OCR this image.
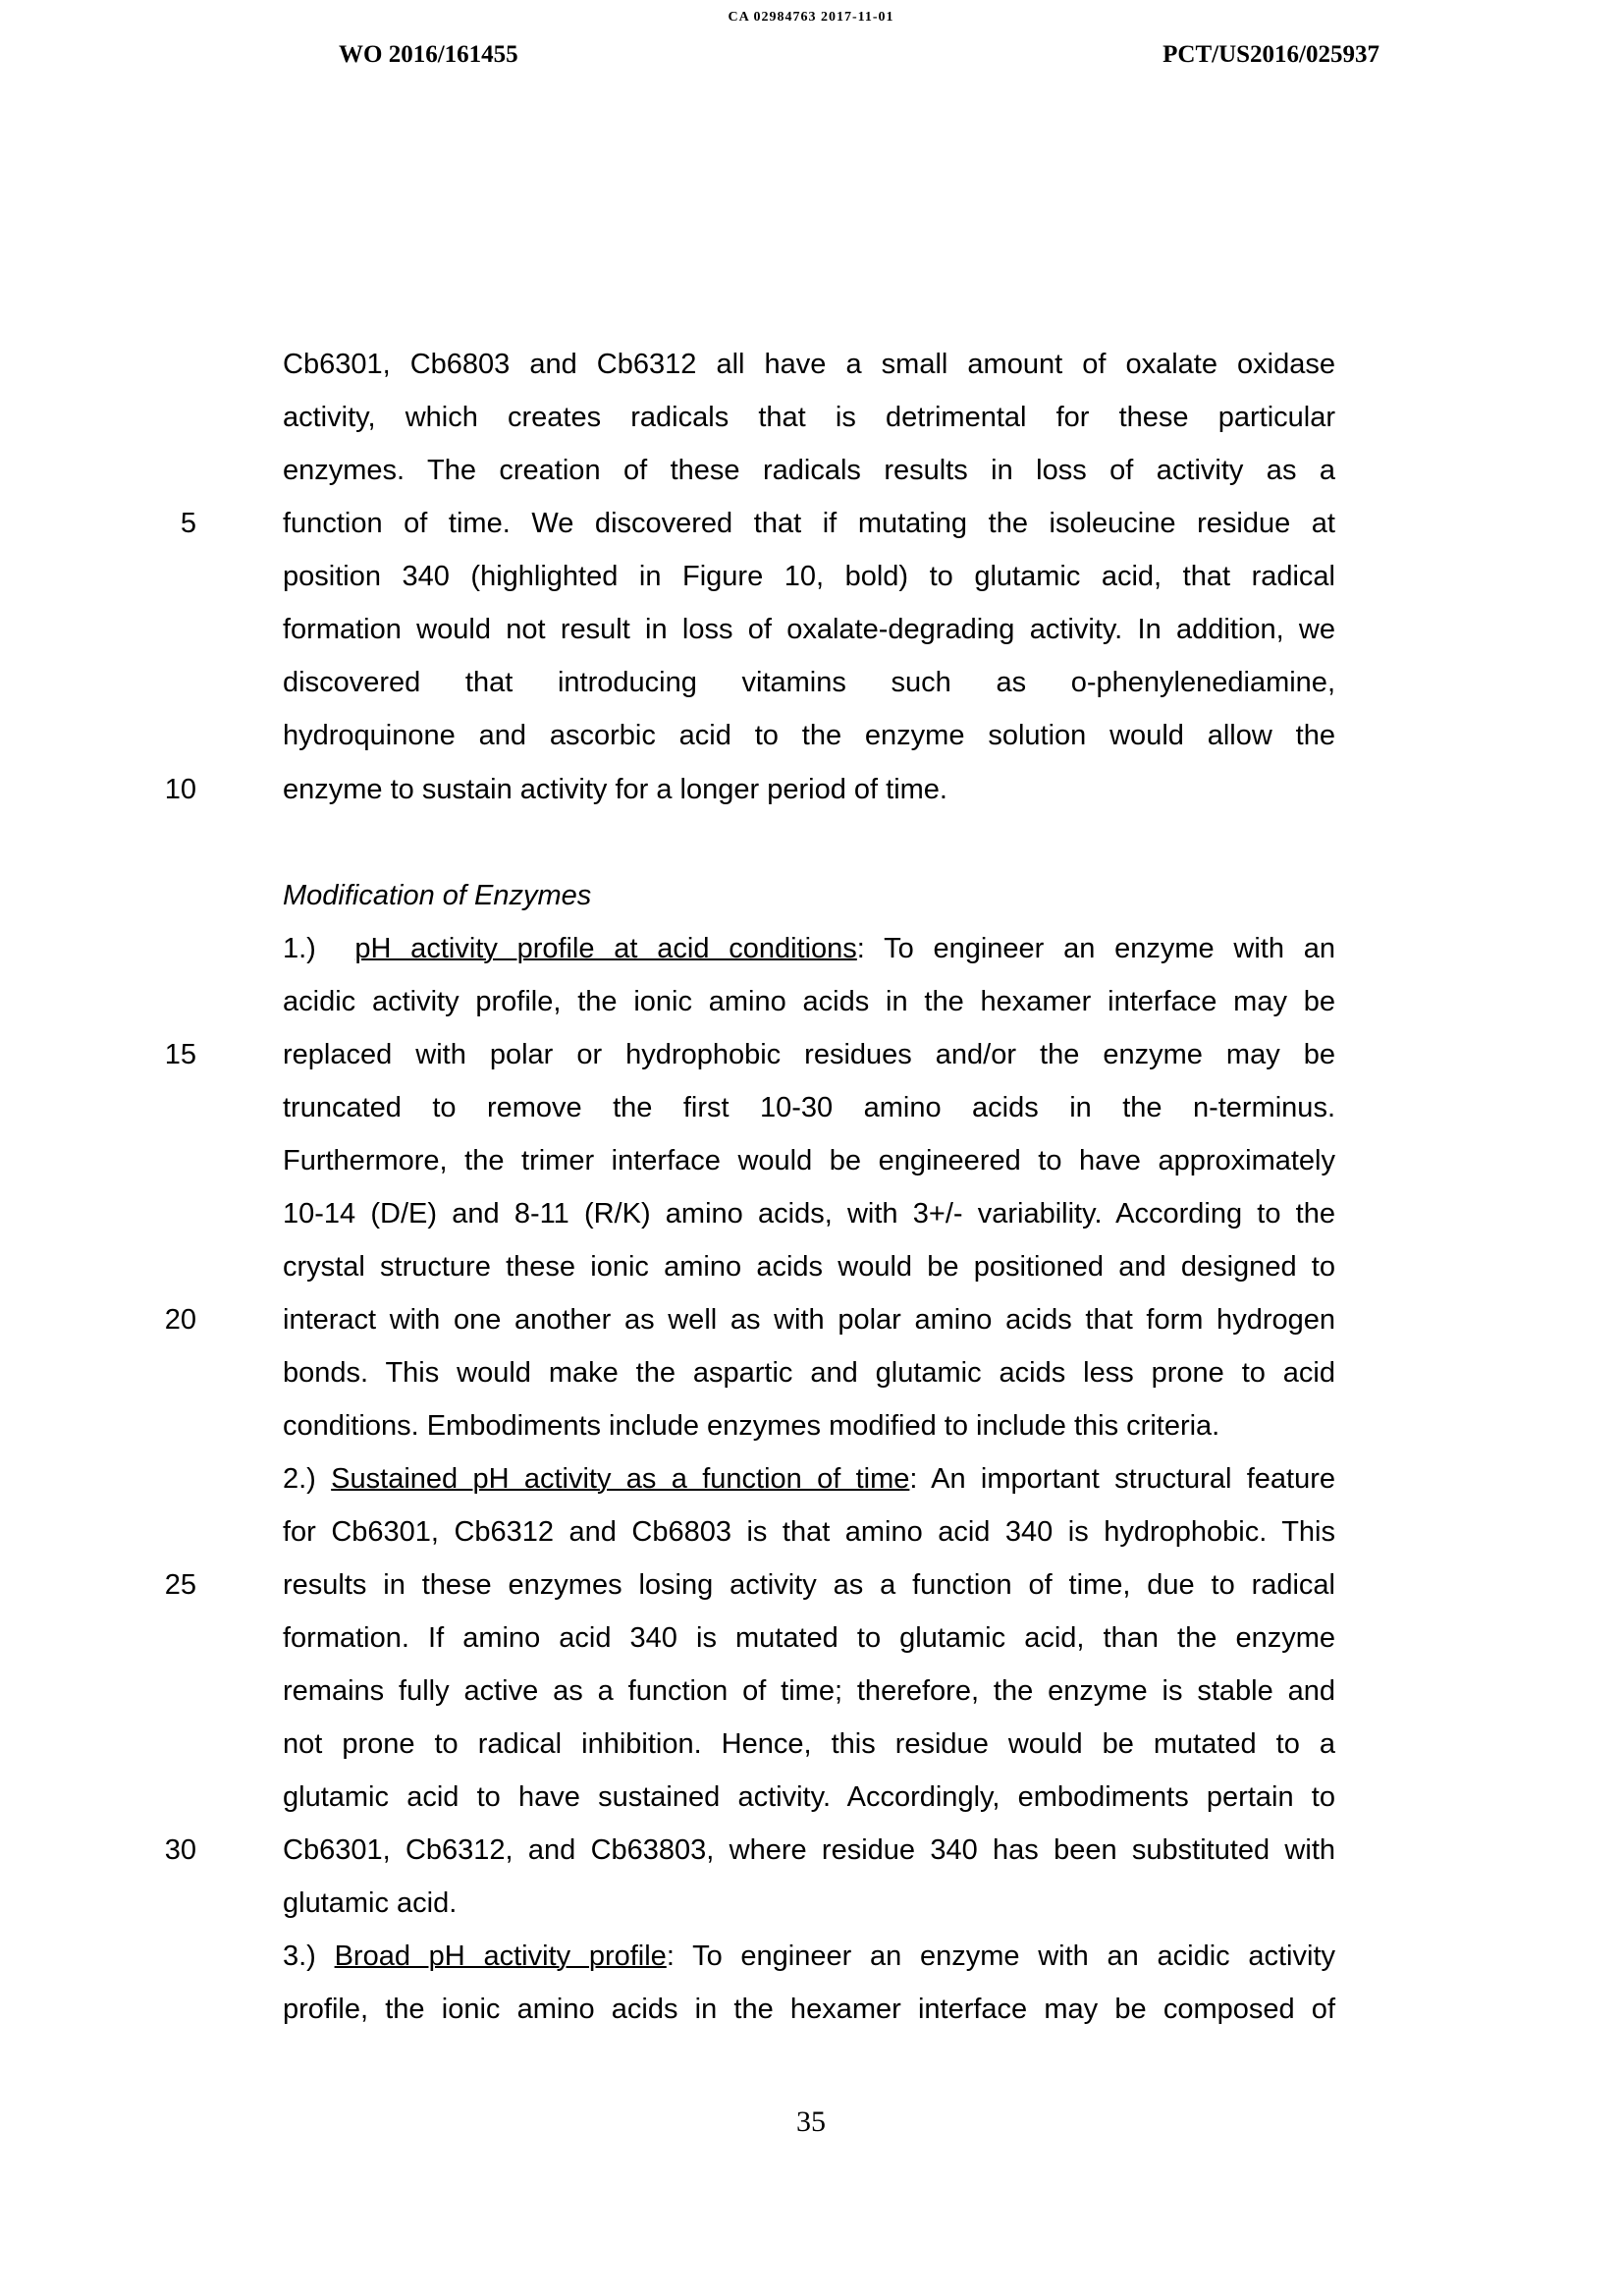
CA 02984763 2017-11-01
WO 2016/161455	PCT/US2016/025937
Cb6301, Cb6803 and Cb6312 all have a small amount of oxalate oxidase
activity, which creates radicals that is detrimental for these particular
enzymes. The creation of these radicals results in loss of activity as a
function of time. We discovered that if mutating the isoleucine residue at
position 340 (highlighted in Figure 10, bold) to glutamic acid, that radical
formation would not result in loss of oxalate-degrading activity. In addition, we
discovered that introducing vitamins such as o-phenylenediamine,
hydroquinone and ascorbic acid to the enzyme solution would allow the
enzyme to sustain activity for a longer period of time.
Modification of Enzymes
1.) pH activity profile at acid conditions: To engineer an enzyme with an
acidic activity profile, the ionic amino acids in the hexamer interface may be
replaced with polar or hydrophobic residues and/or the enzyme may be
truncated to remove the first 10-30 amino acids in the n-terminus.
Furthermore, the trimer interface would be engineered to have approximately
10-14 (D/E) and 8-11 (R/K) amino acids, with 3+/- variability. According to the
crystal structure these ionic amino acids would be positioned and designed to
interact with one another as well as with polar amino acids that form hydrogen
bonds. This would make the aspartic and glutamic acids less prone to acid
conditions. Embodiments include enzymes modified to include this criteria.
2.) Sustained pH activity as a function of time: An important structural feature
for Cb6301, Cb6312 and Cb6803 is that amino acid 340 is hydrophobic. This
results in these enzymes losing activity as a function of time, due to radical
formation. If amino acid 340 is mutated to glutamic acid, than the enzyme
remains fully active as a function of time; therefore, the enzyme is stable and
not prone to radical inhibition. Hence, this residue would be mutated to a
glutamic acid to have sustained activity. Accordingly, embodiments pertain to
Cb6301, Cb6312, and Cb63803, where residue 340 has been substituted with
glutamic acid.
3.) Broad pH activity profile: To engineer an enzyme with an acidic activity
profile, the ionic amino acids in the hexamer interface may be composed of
5
10
15
20
25
30
35
